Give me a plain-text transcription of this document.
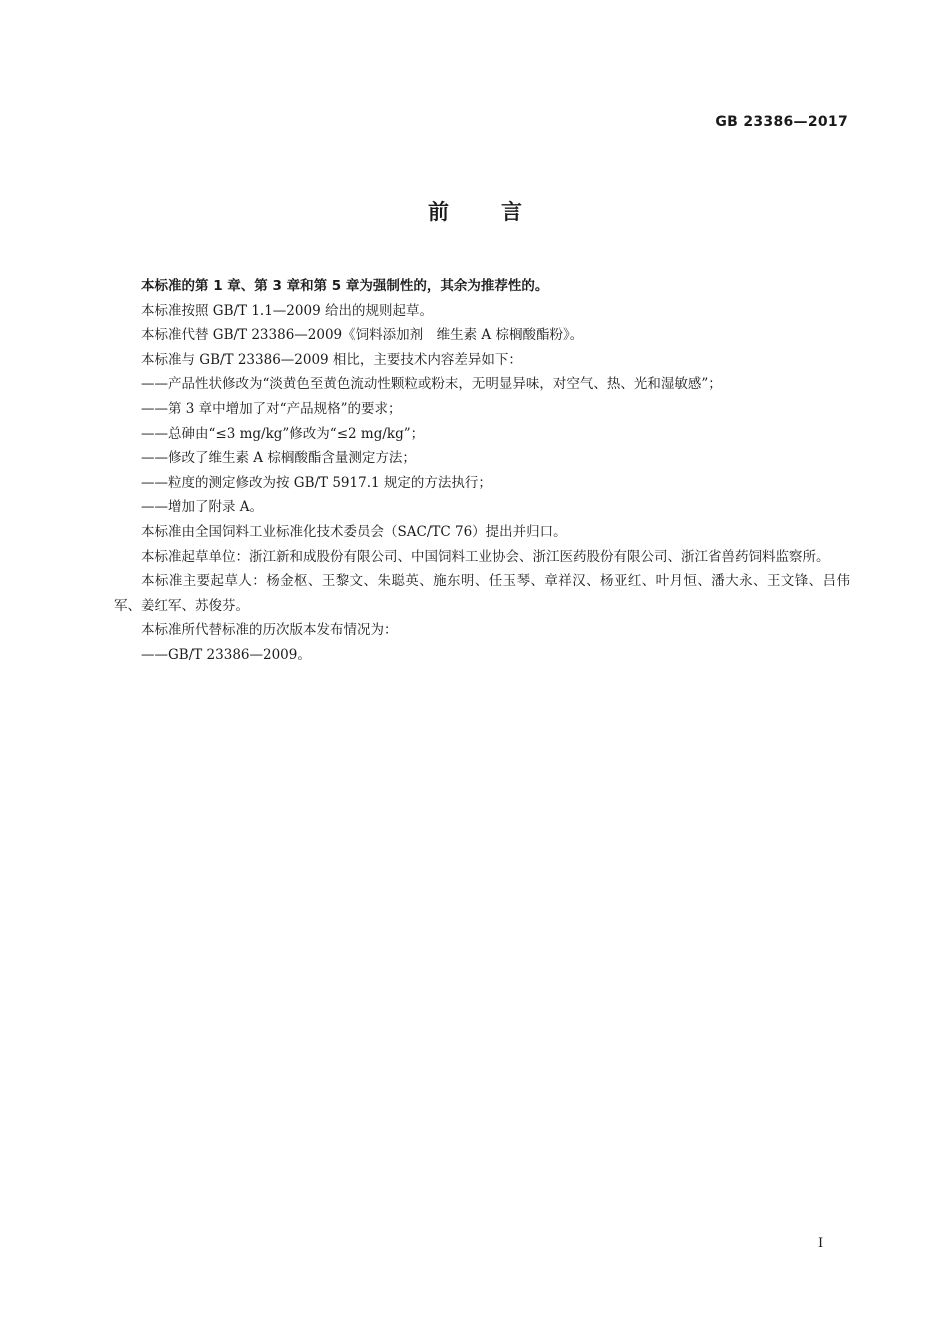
GB 23386—2017
前言

本标准的第 1 章、第 3 章和第 5 章为强制性的，其余为推荐性的。

本标准按照 GB/T 1.1—2009 给出的规则起草。

本标准代替 GB/T 23386—2009《饲料添加剂　维生素 A 棕榈酸酯粉》。

本标准与 GB/T 23386—2009 相比，主要技术内容差异如下：

——产品性状修改为“淡黄色至黄色流动性颗粒或粉末，无明显异味，对空气、热、光和湿敏感”；

——第 3 章中增加了对“产品规格”的要求；

——总砷由“≤3 mg/kg”修改为“≤2 mg/kg”；

——修改了维生素 A 棕榈酸酯含量测定方法；

——粒度的测定修改为按 GB/T 5917.1 规定的方法执行；

——增加了附录 A。

本标准由全国饲料工业标准化技术委员会（SAC/TC 76）提出并归口。

本标准起草单位：浙江新和成股份有限公司、中国饲料工业协会、浙江医药股份有限公司、浙江省兽药饲料监察所。

本标准主要起草人：杨金枢、王黎文、朱聪英、施东明、任玉琴、章祥汉、杨亚红、叶月恒、潘大永、王文锋、吕伟军、姜红军、苏俊芬。

本标准所代替标准的历次版本发布情况为：

——GB/T 23386—2009。

I
